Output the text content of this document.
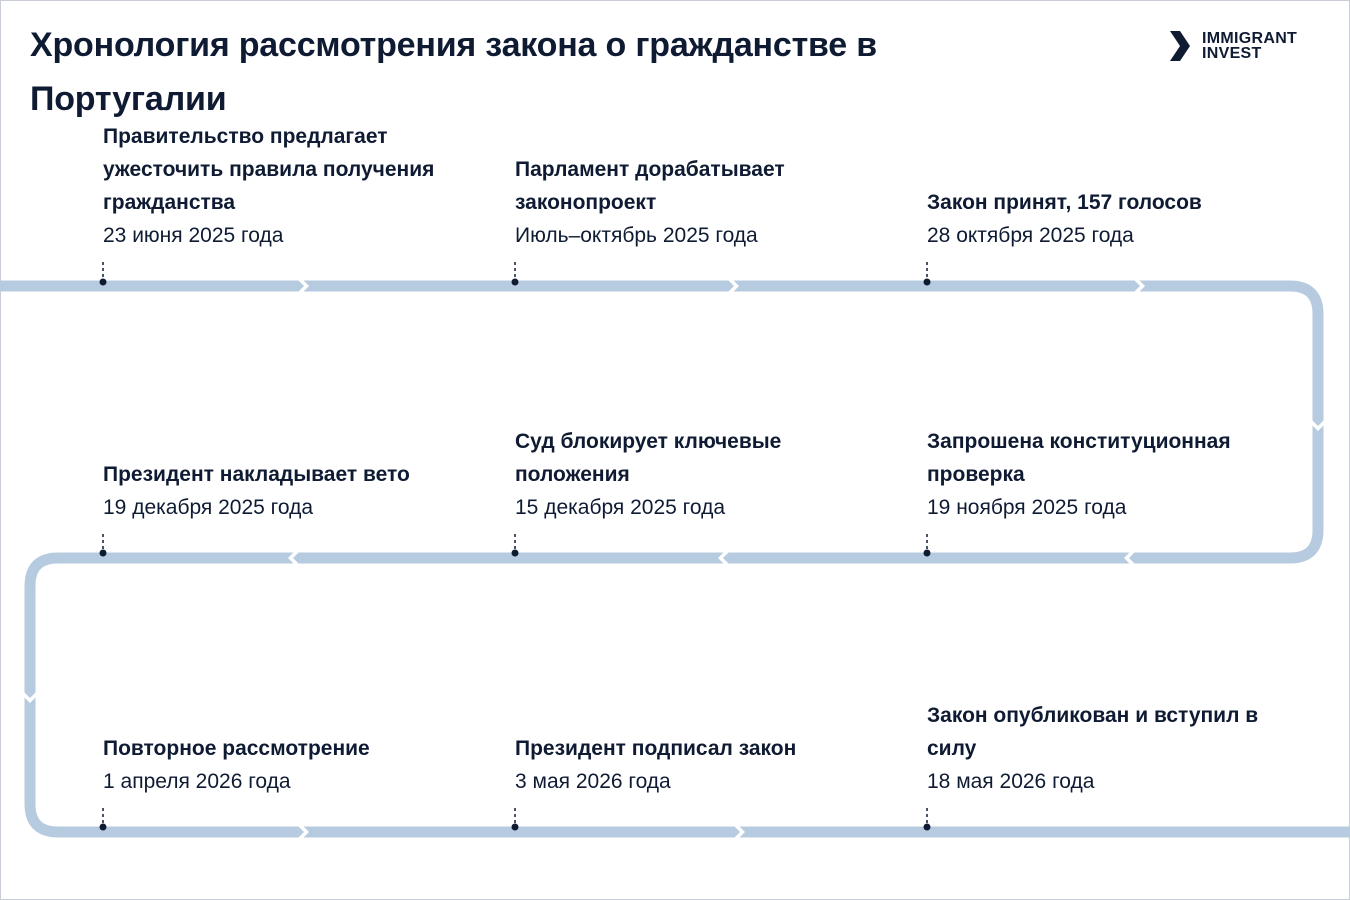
Хронология рассмотрения закона о гражданстве в Португалии
IMMIGRANT
INVEST
Правительство предлагает ужесточить правила получения гражданства
23 июня 2025 года
Парламент дорабатывает законопроект
Июль–октябрь 2025 года
Закон принят, 157 голосов
28 октября 2025 года
Запрошена конституционная проверка
19 ноября 2025 года
Суд блокирует ключевые положения
15 декабря 2025 года
Президент накладывает вето
19 декабря 2025 года
Повторное рассмотрение
1 апреля 2026 года
Президент подписал закон
3 мая 2026 года
Закон опубликован и вступил в силу
18 мая 2026 года
